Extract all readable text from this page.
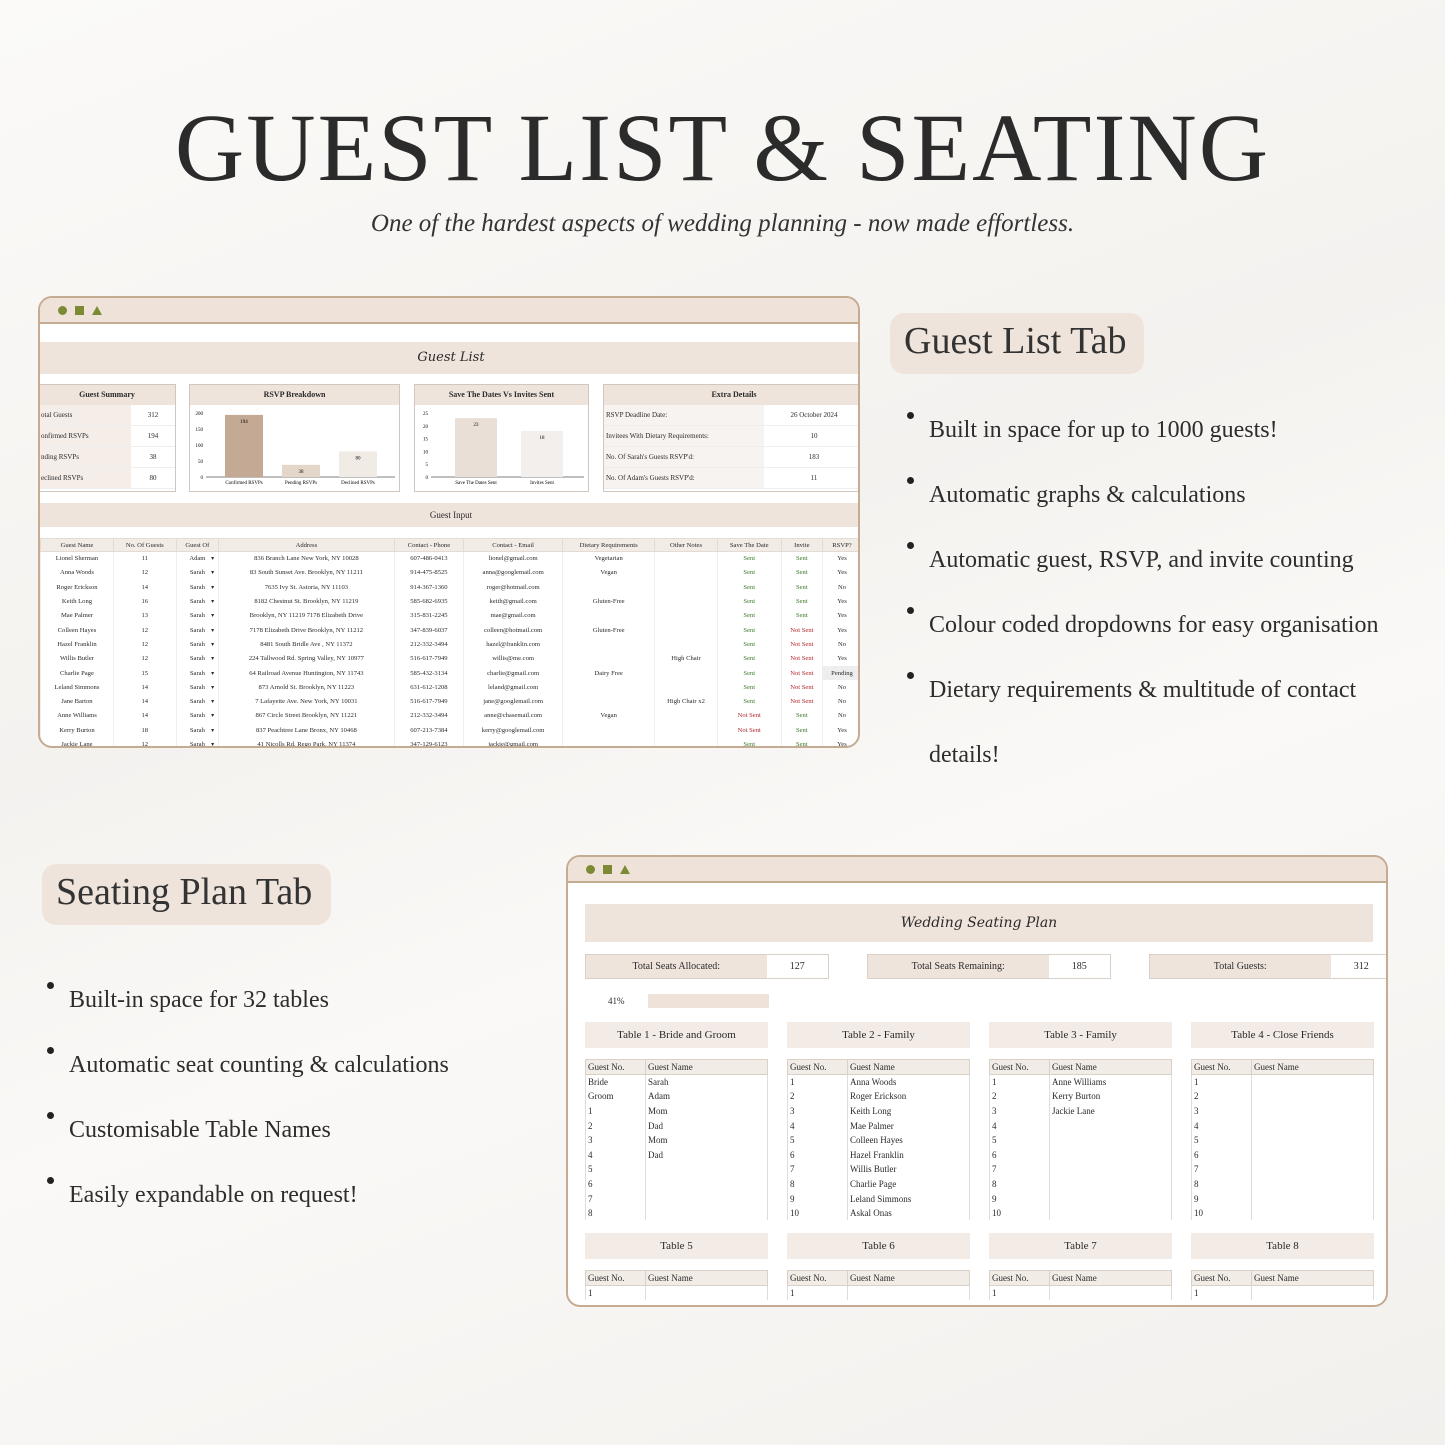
GUEST LIST & SEATING
One of the hardest aspects of wedding planning - now made effortless.
Guest List
Guest Summary
otal Guests	312
onfirmed RSVPs	194
nding RSVPs	38
eclined RSVPs	80
RSVP Breakdown
200
150
100
50
0
194
Confirmed RSVPs
38
Pending RSVPs
80
Declined RSVPs
Save The Dates Vs Invites Sent
25
20
15
10
5
0
23
Save The Dates Sent
18
Invites Sent
Extra Details
RSVP Deadline Date:	26 October 2024
Invitees With Dietary Requirements:	10
No. Of Sarah's Guests RSVP'd:	183
No. Of Adam's Guests RSVP'd:	11
Guest Input
Guest Name	No. Of Guests	Guest Of	Address	Contact - Phone	Contact - Email	Dietary Requirements	Other Notes	Save The Date	Invite	RSVP?
Lionel Sherman	11	Adam ▾	836 Branch Lane New York, NY 10028	607-486-0413	lionel@gmail.com	Vegetarian		Sent	Sent	Yes
Anna Woods	12	Sarah ▾	83 South Sunset Ave. Brooklyn, NY 11211	914-475-8525	anna@googlemail.com	Vegan		Sent	Sent	Yes
Roger Erickson	14	Sarah ▾	7635 Ivy St. Astoria, NY 11103	914-367-1360	roger@hotmail.com			Sent	Sent	No
Keith Long	16	Sarah ▾	8182 Chestnut St. Brooklyn, NY 11219	585-682-6935	keith@gmail.com	Gluten-Free		Sent	Sent	Yes
Mae Palmer	13	Sarah ▾	Brooklyn, NY 11219 7178 Elizabeth Drive	315-831-2245	mae@gmail.com			Sent	Sent	Yes
Colleen Hayes	12	Sarah ▾	7178 Elizabeth Drive Brooklyn, NY 11212	347-839-6037	colleen@hotmail.com	Gluten-Free		Sent	Not Sent	Yes
Hazel Franklin	12	Sarah ▾	8481 South Bridle Ave , NY 11372	212-332-3494	hazel@franklin.com			Sent	Not Sent	No
Willis Butler	12	Sarah ▾	224 Tallwood Rd. Spring Valley, NY 10977	516-617-7949	willis@me.com		High Chair	Sent	Not Sent	Yes
Charlie Page	15	Sarah ▾	64 Railroad Avenue Huntington, NY 11743	585-432-3134	charlie@gmail.com	Dairy Free		Sent	Not Sent	Pending
Leland Simmons	14	Sarah ▾	873 Arnold St. Brooklyn, NY 11223	631-612-1208	leland@gmail.com			Sent	Not Sent	No
Jane Barton	14	Sarah ▾	7 Lafayette Ave. New York, NY 10031	516-617-7949	jane@googlemail.com		High Chair x2	Sent	Not Sent	No
Anne Williams	14	Sarah ▾	867 Circle Street Brooklyn, NY 11221	212-332-3494	anne@chasemail.com	Vegan		Not Sent	Sent	No
Kerry Burton	18	Sarah ▾	837 Peachtree Lane Bronx, NY 10468	607-213-7384	kerry@googlemail.com			Not Sent	Sent	Yes
Jackie Lane	12	Sarah ▾	41 Nicolls Rd. Rego Park, NY 11374	347-129-6123	jackie@gmail.com			Sent	Sent	Yes
Guest List Tab
Built in space for up to 1000 guests!
Automatic graphs & calculations
Automatic guest, RSVP, and invite counting
Colour coded dropdowns for easy organisation
Dietary requirements & multitude of contact details!
Seating Plan Tab
Built-in space for 32 tables
Automatic seat counting & calculations
Customisable Table Names
Easily expandable on request!
Wedding Seating Plan
Total Seats Allocated:	127	Total Seats Remaining:	185	Total Guests:	312
41%
Table 1 - Bride and Groom
Guest No.	Guest Name
Bride	Sarah
Groom	Adam
1	Mom
2	Dad
3	Mom
4	Dad
5	
6	
7	
8	
Table 2 - Family
Guest No.	Guest Name
1	Anna Woods
2	Roger Erickson
3	Keith Long
4	Mae Palmer
5	Colleen Hayes
6	Hazel Franklin
7	Willis Butler
8	Charlie Page
9	Leland Simmons
10	Askal Onas
Table 3 - Family
Guest No.	Guest Name
1	Anne Williams
2	Kerry Burton
3	Jackie Lane
4	
5	
6	
7	
8	
9	
10	
Table 4 - Close Friends
Guest No.	Guest Name
1	
2	
3	
4	
5	
6	
7	
8	
9	
10	
Table 5
Guest No.	Guest Name
1	
Table 6
Guest No.	Guest Name
1	
Table 7
Guest No.	Guest Name
1	
Table 8
Guest No.	Guest Name
1	
